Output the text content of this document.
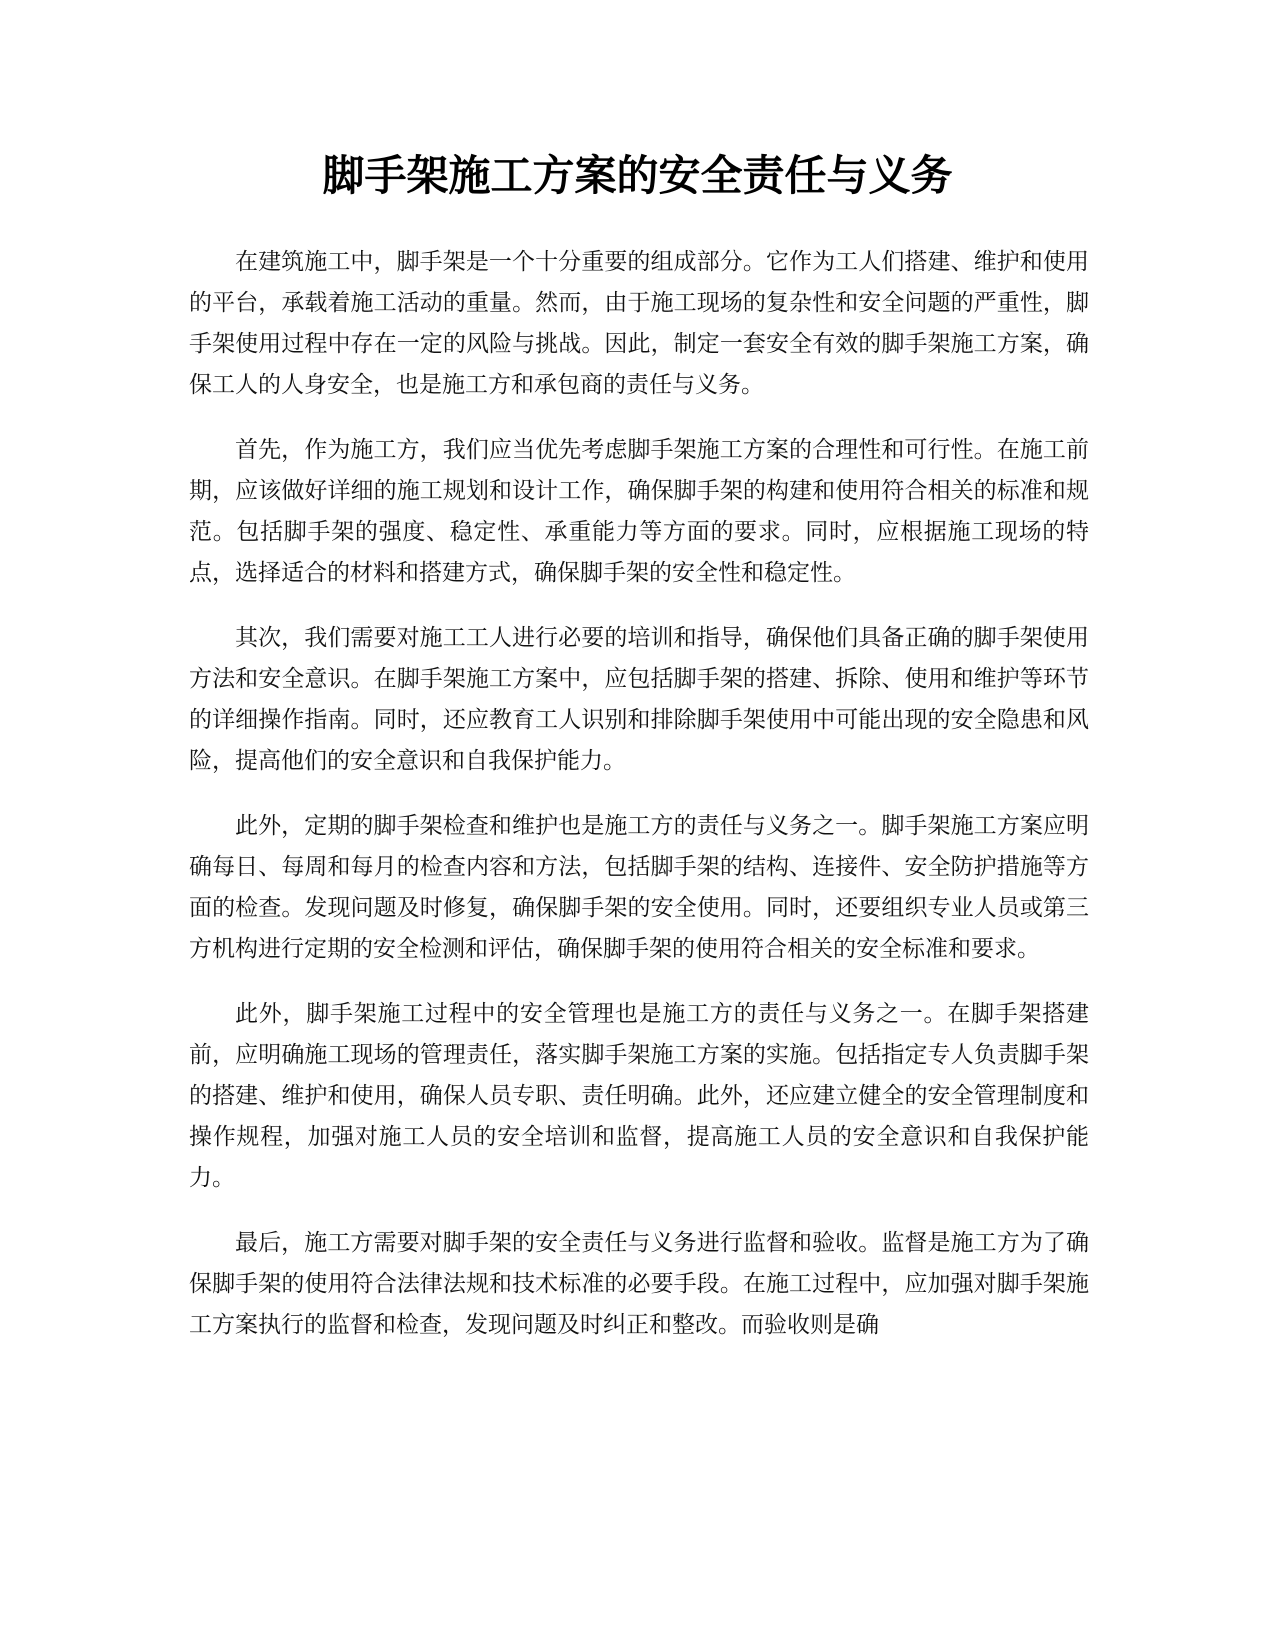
脚手架施工方案的安全责任与义务

在建筑施工中，脚手架是一个十分重要的组成部分。它作为工人们搭建、维护和使用的平台，承载着施工活动的重量。然而，由于施工现场的复杂性和安全问题的严重性，脚手架使用过程中存在一定的风险与挑战。因此，制定一套安全有效的脚手架施工方案，确保工人的人身安全，也是施工方和承包商的责任与义务。

首先，作为施工方，我们应当优先考虑脚手架施工方案的合理性和可行性。在施工前期，应该做好详细的施工规划和设计工作，确保脚手架的构建和使用符合相关的标准和规范。包括脚手架的强度、稳定性、承重能力等方面的要求。同时，应根据施工现场的特点，选择适合的材料和搭建方式，确保脚手架的安全性和稳定性。

其次，我们需要对施工工人进行必要的培训和指导，确保他们具备正确的脚手架使用方法和安全意识。在脚手架施工方案中，应包括脚手架的搭建、拆除、使用和维护等环节的详细操作指南。同时，还应教育工人识别和排除脚手架使用中可能出现的安全隐患和风险，提高他们的安全意识和自我保护能力。

此外，定期的脚手架检查和维护也是施工方的责任与义务之一。脚手架施工方案应明确每日、每周和每月的检查内容和方法，包括脚手架的结构、连接件、安全防护措施等方面的检查。发现问题及时修复，确保脚手架的安全使用。同时，还要组织专业人员或第三方机构进行定期的安全检测和评估，确保脚手架的使用符合相关的安全标准和要求。

此外，脚手架施工过程中的安全管理也是施工方的责任与义务之一。在脚手架搭建前，应明确施工现场的管理责任，落实脚手架施工方案的实施。包括指定专人负责脚手架的搭建、维护和使用，确保人员专职、责任明确。此外，还应建立健全的安全管理制度和操作规程，加强对施工人员的安全培训和监督，提高施工人员的安全意识和自我保护能力。

最后，施工方需要对脚手架的安全责任与义务进行监督和验收。监督是施工方为了确保脚手架的使用符合法律法规和技术标准的必要手段。在施工过程中，应加强对脚手架施工方案执行的监督和检查，发现问题及时纠正和整改。而验收则是确
